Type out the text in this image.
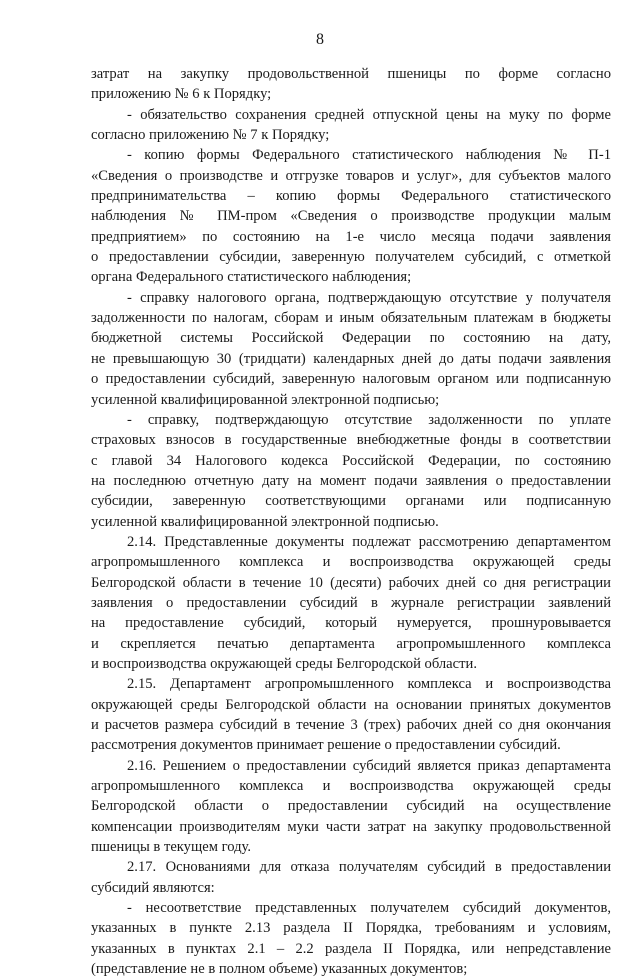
8
затрат на закупку продовольственной пшеницы по форме согласно
приложению № 6 к Порядку;
- обязательство сохранения средней отпускной цены на муку по форме
согласно приложению № 7 к Порядку;
- копию формы Федерального статистического наблюдения № П-1
«Сведения о производстве и отгрузке товаров и услуг», для субъектов малого
предпринимательства – копию формы Федерального статистического
наблюдения № ПМ-пром «Сведения о производстве продукции малым
предприятием» по состоянию на 1-е число месяца подачи заявления
о предоставлении субсидии, заверенную получателем субсидий, с отметкой
органа Федерального статистического наблюдения;
- справку налогового органа, подтверждающую отсутствие у получателя
задолженности по налогам, сборам и иным обязательным платежам в бюджеты
бюджетной системы Российской Федерации по состоянию на дату,
не превышающую 30 (тридцати) календарных дней до даты подачи заявления
о предоставлении субсидий, заверенную налоговым органом или подписанную
усиленной квалифицированной электронной подписью;
- справку, подтверждающую отсутствие задолженности по уплате
страховых взносов в государственные внебюджетные фонды в соответствии
с главой 34 Налогового кодекса Российской Федерации, по состоянию
на последнюю отчетную дату на момент подачи заявления о предоставлении
субсидии, заверенную соответствующими органами или подписанную
усиленной квалифицированной электронной подписью.
2.14. Представленные документы подлежат рассмотрению департаментом
агропромышленного комплекса и воспроизводства окружающей среды
Белгородской области в течение 10 (десяти) рабочих дней со дня регистрации
заявления о предоставлении субсидий в журнале регистрации заявлений
на предоставление субсидий, который нумеруется, прошнуровывается
и скрепляется печатью департамента агропромышленного комплекса
и воспроизводства окружающей среды Белгородской области.
2.15. Департамент агропромышленного комплекса и воспроизводства
окружающей среды Белгородской области на основании принятых документов
и расчетов размера субсидий в течение 3 (трех) рабочих дней со дня окончания
рассмотрения документов принимает решение о предоставлении субсидий.
2.16. Решением о предоставлении субсидий является приказ департамента
агропромышленного комплекса и воспроизводства окружающей среды
Белгородской области о предоставлении субсидий на осуществление
компенсации производителям муки части затрат на закупку продовольственной
пшеницы в текущем году.
2.17. Основаниями для отказа получателям субсидий в предоставлении
субсидий являются:
- несоответствие представленных получателем субсидий документов,
указанных в пункте 2.13 раздела II Порядка, требованиям и условиям,
указанных в пунктах 2.1 – 2.2 раздела II Порядка, или непредставление
(представление не в полном объеме) указанных документов;
